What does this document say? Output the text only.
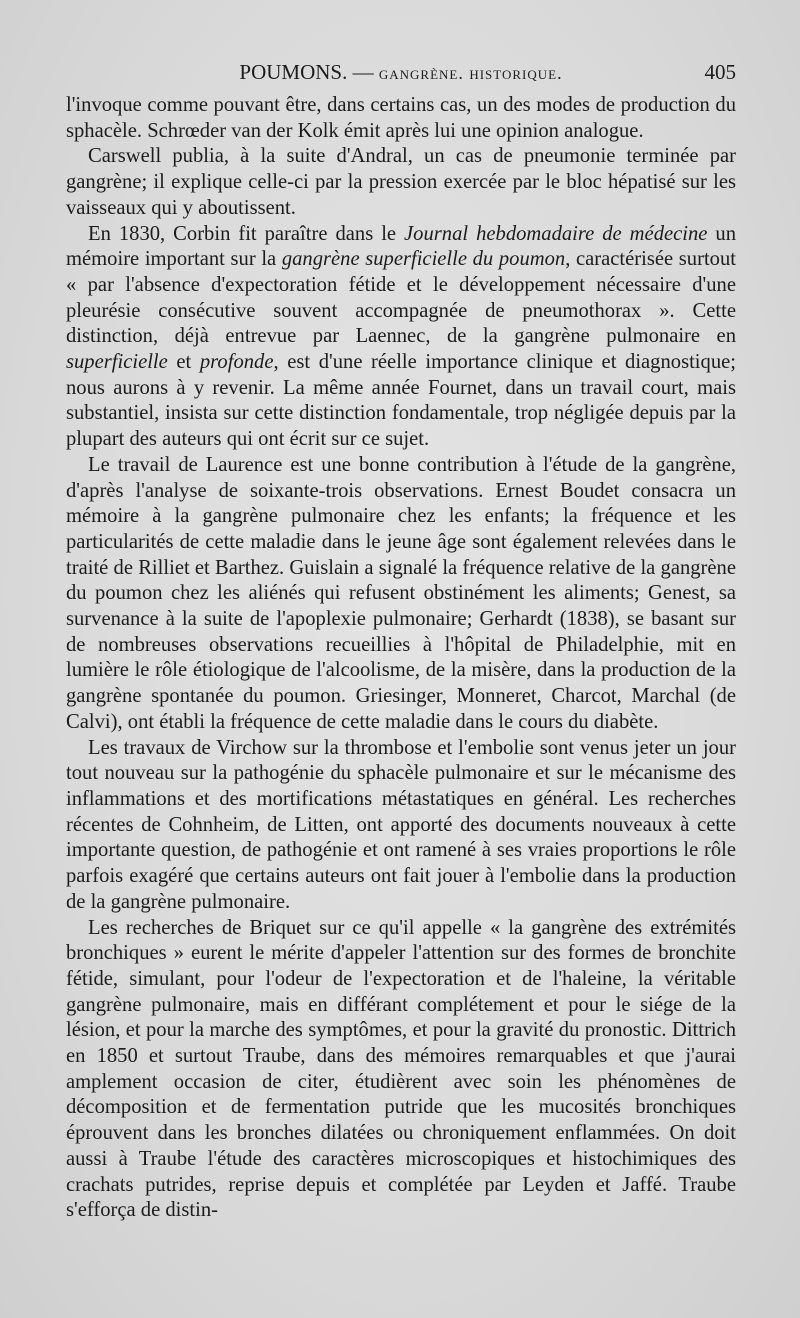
POUMONS. — gangrène. historique.	405

l'invoque comme pouvant être, dans certains cas, un des modes de production du sphacèle. Schrœder van der Kolk émit après lui une opinion analogue.

Carswell publia, à la suite d'Andral, un cas de pneumonie terminée par gangrène; il explique celle-ci par la pression exercée par le bloc hépatisé sur les vaisseaux qui y aboutissent.

En 1830, Corbin fit paraître dans le Journal hebdomadaire de médecine un mémoire important sur la gangrène superficielle du poumon, caractérisée surtout « par l'absence d'expectoration fétide et le développement nécessaire d'une pleurésie consécutive souvent accompagnée de pneumothorax ». Cette distinction, déjà entrevue par Laennec, de la gangrène pulmonaire en superficielle et profonde, est d'une réelle importance clinique et diagnostique; nous aurons à y revenir. La même année Fournet, dans un travail court, mais substantiel, insista sur cette distinction fondamentale, trop négligée depuis par la plupart des auteurs qui ont écrit sur ce sujet.

Le travail de Laurence est une bonne contribution à l'étude de la gangrène, d'après l'analyse de soixante-trois observations. Ernest Boudet consacra un mémoire à la gangrène pulmonaire chez les enfants; la fréquence et les particularités de cette maladie dans le jeune âge sont également relevées dans le traité de Rilliet et Barthez. Guislain a signalé la fréquence relative de la gangrène du poumon chez les aliénés qui refusent obstinément les aliments; Genest, sa survenance à la suite de l'apoplexie pulmonaire; Gerhardt (1838), se basant sur de nombreuses observations recueillies à l'hôpital de Philadelphie, mit en lumière le rôle étiologique de l'alcoolisme, de la misère, dans la production de la gangrène spontanée du poumon. Griesinger, Monneret, Charcot, Marchal (de Calvi), ont établi la fréquence de cette maladie dans le cours du diabète.

Les travaux de Virchow sur la thrombose et l'embolie sont venus jeter un jour tout nouveau sur la pathogénie du sphacèle pulmonaire et sur le mécanisme des inflammations et des mortifications métastatiques en général. Les recherches récentes de Cohnheim, de Litten, ont apporté des documents nouveaux à cette importante question, de pathogénie et ont ramené à ses vraies proportions le rôle parfois exagéré que certains auteurs ont fait jouer à l'embolie dans la production de la gangrène pulmonaire.

Les recherches de Briquet sur ce qu'il appelle « la gangrène des extrémités bronchiques » eurent le mérite d'appeler l'attention sur des formes de bronchite fétide, simulant, pour l'odeur de l'expectoration et de l'haleine, la véritable gangrène pulmonaire, mais en différant complétement et pour le siége de la lésion, et pour la marche des symptômes, et pour la gravité du pronostic. Dittrich en 1850 et surtout Traube, dans des mémoires remarquables et que j'aurai amplement occasion de citer, étudièrent avec soin les phénomènes de décomposition et de fermentation putride que les mucosités bronchiques éprouvent dans les bronches dilatées ou chroniquement enflammées. On doit aussi à Traube l'étude des caractères microscopiques et histochimiques des crachats putrides, reprise depuis et complétée par Leyden et Jaffé. Traube s'efforça de distin-
